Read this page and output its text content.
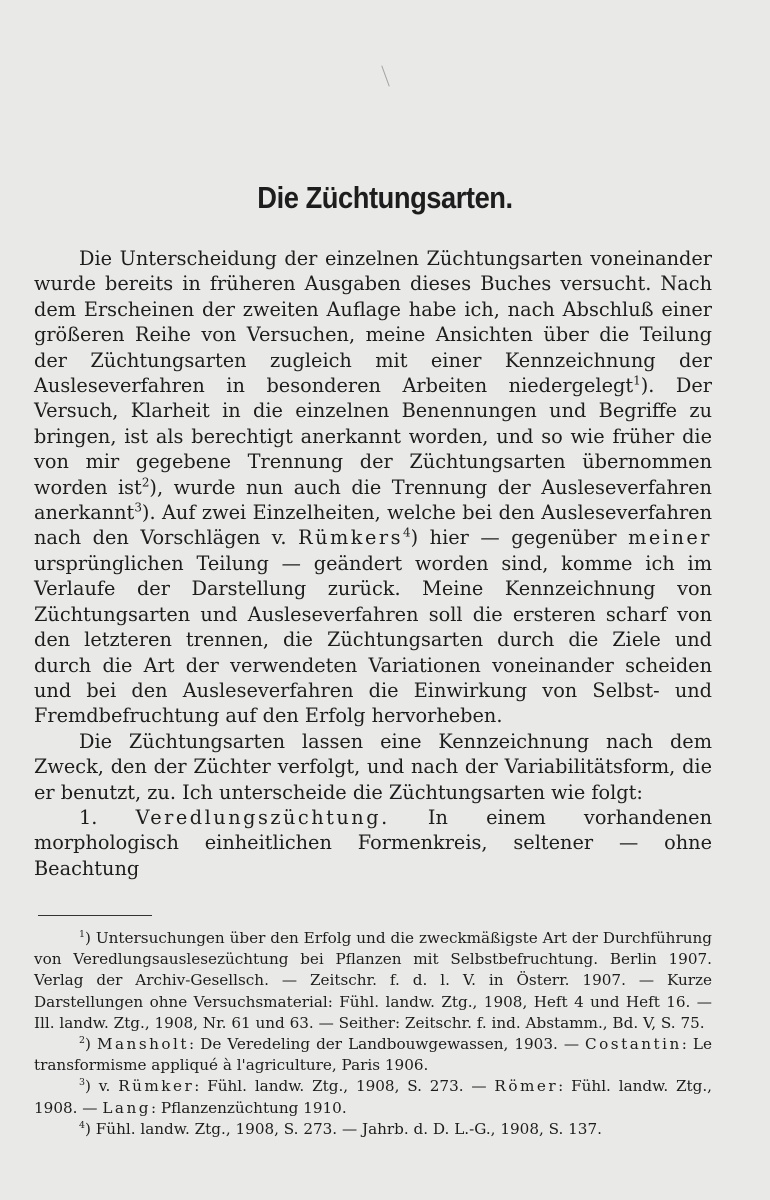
Die Züchtungsarten.

Die Unterscheidung der einzelnen Züchtungsarten voneinander wurde bereits in früheren Ausgaben dieses Buches versucht. Nach dem Erscheinen der zweiten Auflage habe ich, nach Abschluß einer größeren Reihe von Versuchen, meine Ansichten über die Teilung der Züchtungsarten zugleich mit einer Kennzeichnung der Ausleseverfahren in besonderen Arbeiten niedergelegt$^1$). Der Versuch, Klarheit in die einzelnen Benennungen und Begriffe zu bringen, ist als berechtigt anerkannt worden, und so wie früher die von mir gegebene Trennung der Züchtungsarten übernommen worden ist$^2$), wurde nun auch die Trennung der Ausleseverfahren anerkannt$^3$). Auf zwei Einzelheiten, welche bei den Ausleseverfahren nach den Vorschlägen v. Rümkers$^4$) hier — gegenüber meiner ursprünglichen Teilung — geändert worden sind, komme ich im Verlaufe der Darstellung zurück. Meine Kennzeichnung von Züchtungsarten und Ausleseverfahren soll die ersteren scharf von den letzteren trennen, die Züchtungsarten durch die Ziele und durch die Art der verwendeten Variationen voneinander scheiden und bei den Ausleseverfahren die Einwirkung von Selbst- und Fremdbefruchtung auf den Erfolg hervorheben.

Die Züchtungsarten lassen eine Kennzeichnung nach dem Zweck, den der Züchter verfolgt, und nach der Variabilitätsform, die er benutzt, zu. Ich unterscheide die Züchtungsarten wie folgt:

1. Veredlungszüchtung. In einem vorhandenen morphologisch einheitlichen Formenkreis, seltener — ohne Beachtung

$^1$) Untersuchungen über den Erfolg und die zweckmäßigste Art der Durchführung von Veredlungsauslesezüchtung bei Pflanzen mit Selbstbefruchtung. Berlin 1907. Verlag der Archiv-Gesellsch. — Zeitschr. f. d. l. V. in Österr. 1907. — Kurze Darstellungen ohne Versuchsmaterial: Fühl. landw. Ztg., 1908, Heft 4 und Heft 16. — Ill. landw. Ztg., 1908, Nr. 61 und 63. — Seither: Zeitschr. f. ind. Abstamm., Bd. V, S. 75.

$^2$) Mansholt: De Veredeling der Landbouwgewassen, 1903. — Costantin: Le transformisme appliqué à l'agriculture, Paris 1906.

$^3$) v. Rümker: Fühl. landw. Ztg., 1908, S. 273. — Römer: Fühl. landw. Ztg., 1908. — Lang: Pflanzenzüchtung 1910.

$^4$) Fühl. landw. Ztg., 1908, S. 273. — Jahrb. d. D. L.-G., 1908, S. 137.
